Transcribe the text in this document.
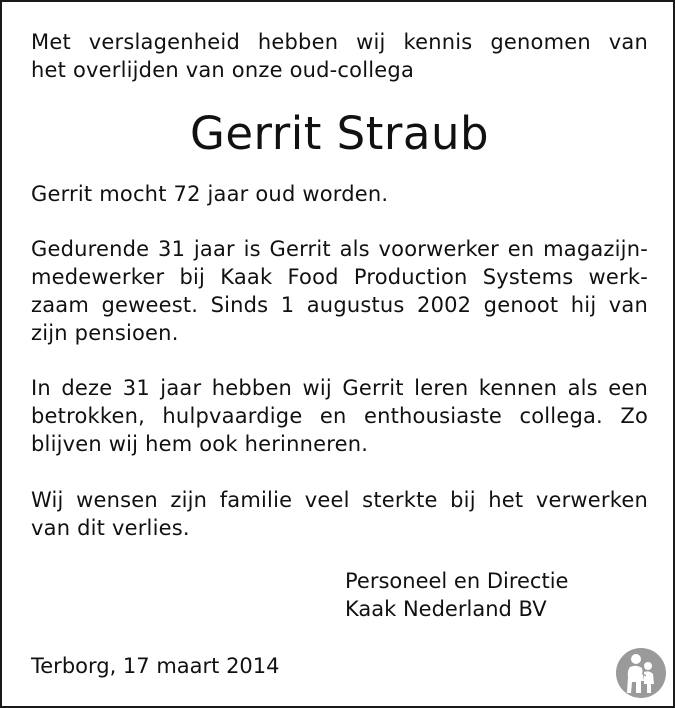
Met verslagenheid hebben wij kennis genomen van
het overlijden van onze oud-collega
Gerrit Straub
Gerrit mocht 72 jaar oud worden.
Gedurende 31 jaar is Gerrit als voorwerker en magazijn-
medewerker bij Kaak Food Production Systems werk-
zaam geweest. Sinds 1 augustus 2002 genoot hij van
zijn pensioen.
In deze 31 jaar hebben wij Gerrit leren kennen als een
betrokken, hulpvaardige en enthousiaste collega. Zo
blijven wij hem ook herinneren.
Wij wensen zijn familie veel sterkte bij het verwerken
van dit verlies.
Personeel en Directie
Kaak Nederland BV
Terborg, 17 maart 2014
